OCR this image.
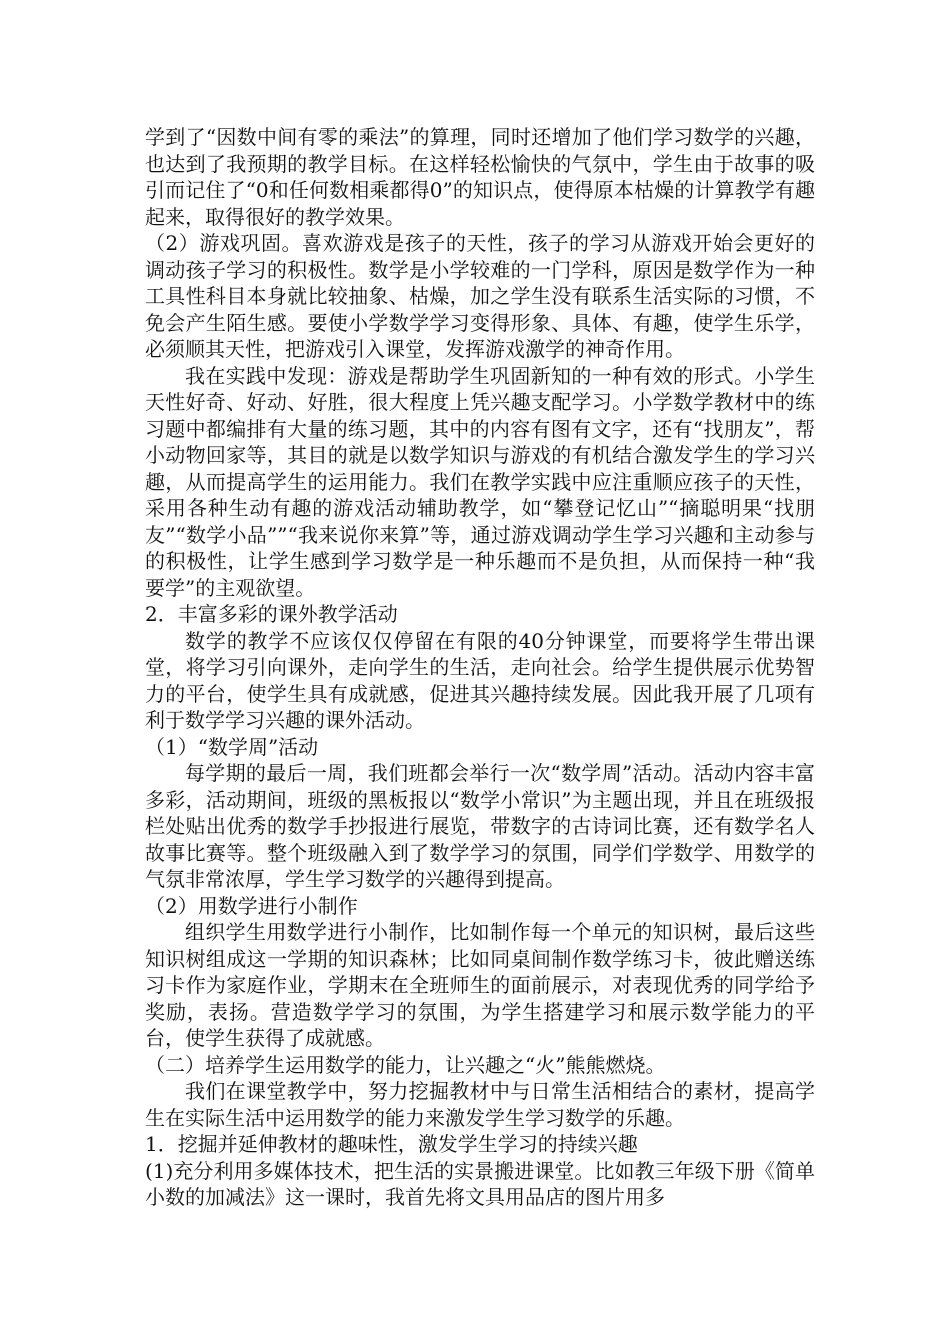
学到了“因数中间有零的乘法”的算理，同时还增加了他们学习数学的兴趣，也达到了我预期的教学目标。在这样轻松愉快的气氛中，学生由于故事的吸引而记住了“0和任何数相乘都得0”的知识点，使得原本枯燥的计算教学有趣起来，取得很好的教学效果。

（2）游戏巩固。喜欢游戏是孩子的天性，孩子的学习从游戏开始会更好的调动孩子学习的积极性。数学是小学较难的一门学科，原因是数学作为一种工具性科目本身就比较抽象、枯燥，加之学生没有联系生活实际的习惯，不免会产生陌生感。要使小学数学学习变得形象、具体、有趣，使学生乐学，必须顺其天性，把游戏引入课堂，发挥游戏激学的神奇作用。

我在实践中发现：游戏是帮助学生巩固新知的一种有效的形式。小学生天性好奇、好动、好胜，很大程度上凭兴趣支配学习。小学数学教材中的练习题中都编排有大量的练习题，其中的内容有图有文字，还有“找朋友”，帮小动物回家等，其目的就是以数学知识与游戏的有机结合激发学生的学习兴趣，从而提高学生的运用能力。我们在教学实践中应注重顺应孩子的天性，采用各种生动有趣的游戏活动辅助教学，如“攀登记忆山”“摘聪明果“找朋友”“数学小品””“我来说你来算”等，通过游戏调动学生学习兴趣和主动参与的积极性，让学生感到学习数学是一种乐趣而不是负担，从而保持一种“我要学”的主观欲望。

2．丰富多彩的课外教学活动

数学的教学不应该仅仅停留在有限的40分钟课堂，而要将学生带出课堂，将学习引向课外，走向学生的生活，走向社会。给学生提供展示优势智力的平台，使学生具有成就感，促进其兴趣持续发展。因此我开展了几项有利于数学学习兴趣的课外活动。

（1）“数学周”活动

每学期的最后一周，我们班都会举行一次“数学周”活动。活动内容丰富多彩，活动期间，班级的黑板报以“数学小常识”为主题出现，并且在班级报栏处贴出优秀的数学手抄报进行展览，带数字的古诗词比赛，还有数学名人故事比赛等。整个班级融入到了数学学习的氛围，同学们学数学、用数学的气氛非常浓厚，学生学习数学的兴趣得到提高。

（2）用数学进行小制作

组织学生用数学进行小制作，比如制作每一个单元的知识树，最后这些知识树组成这一学期的知识森林；比如同桌间制作数学练习卡，彼此赠送练习卡作为家庭作业，学期末在全班师生的面前展示，对表现优秀的同学给予奖励，表扬。营造数学学习的氛围，为学生搭建学习和展示数学能力的平台，使学生获得了成就感。

（二）培养学生运用数学的能力，让兴趣之“火”熊熊燃烧。

我们在课堂教学中，努力挖掘教材中与日常生活相结合的素材，提高学生在实际生活中运用数学的能力来激发学生学习数学的乐趣。

1．挖掘并延伸教材的趣味性，激发学生学习的持续兴趣

(1)充分利用多媒体技术，把生活的实景搬进课堂。比如教三年级下册《简单小数的加减法》这一课时，我首先将文具用品店的图片用多
